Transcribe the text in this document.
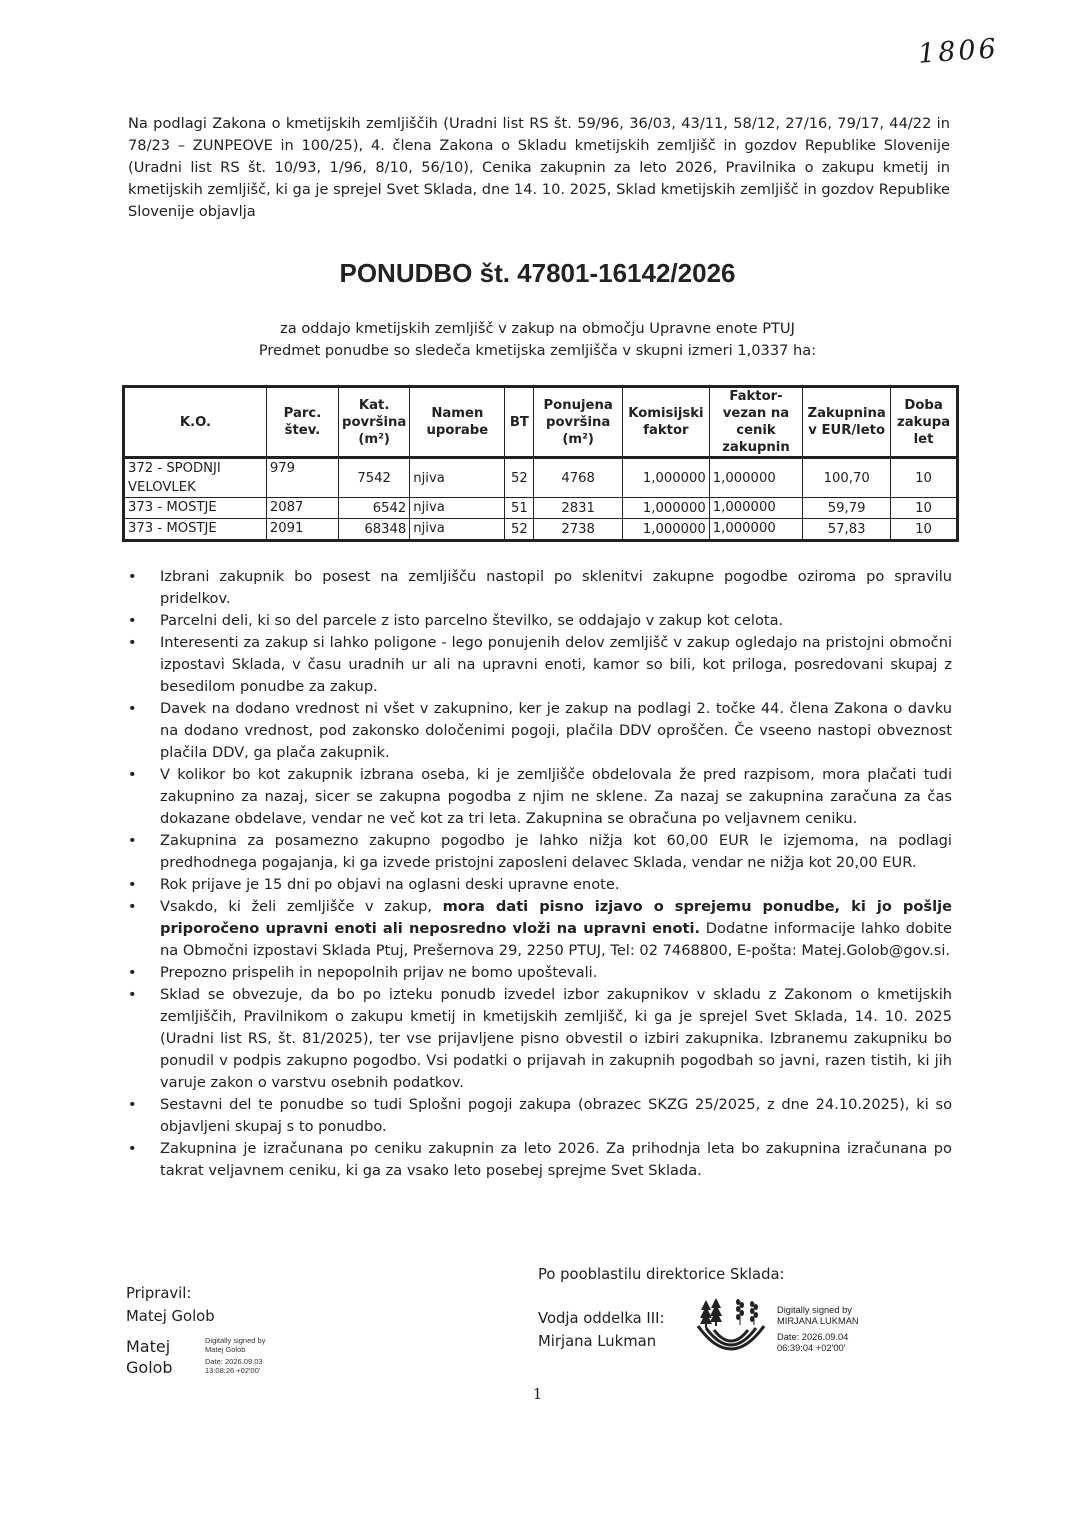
1806

Na podlagi Zakona o kmetijskih zemljiščih (Uradni list RS št. 59/96, 36/03, 43/11, 58/12, 27/16, 79/17, 44/22 in 78/23 – ZUNPEOVE in 100/25), 4. člena Zakona o Skladu kmetijskih zemljišč in gozdov Republike Slovenije (Uradni list RS št. 10/93, 1/96, 8/10, 56/10), Cenika zakupnin za leto 2026, Pravilnika o zakupu kmetij in kmetijskih zemljišč, ki ga je sprejel Svet Sklada, dne 14. 10. 2025, Sklad kmetijskih zemljišč in gozdov Republike Slovenije objavlja

PONUDBO št. 47801-16142/2026
za oddajo kmetijskih zemljišč v zakup na območju Upravne enote PTUJ
Predmet ponudbe so sledeča kmetijska zemljišča v skupni izmeri 1,0337 ha:
K.O.	Parc. štev.	Kat. površina (m²)	Namen uporabe	BT	Ponujena površina (m²)	Komisijski faktor	Faktor-vezan na cenik zakupnin	Zakupnina v EUR/leto	Doba zakupa let
372 - SPODNJI VELOVLEK	979	7542	njiva	52	4768	1,000000	1,000000	100,70	10
373 - MOSTJE	2087	6542	njiva	51	2831	1,000000	1,000000	59,79	10
373 - MOSTJE	2091	68348	njiva	52	2738	1,000000	1,000000	57,83	10
• Izbrani zakupnik bo posest na zemljišču nastopil po sklenitvi zakupne pogodbe oziroma po spravilu pridelkov.
• Parcelni deli, ki so del parcele z isto parcelno številko, se oddajajo v zakup kot celota.
• Interesenti za zakup si lahko poligone - lego ponujenih delov zemljišč v zakup ogledajo na pristojni območni izpostavi Sklada, v času uradnih ur ali na upravni enoti, kamor so bili, kot priloga, posredovani skupaj z besedilom ponudbe za zakup.
• Davek na dodano vrednost ni všet v zakupnino, ker je zakup na podlagi 2. točke 44. člena Zakona o davku na dodano vrednost, pod zakonsko določenimi pogoji, plačila DDV oproščen. Če vseeno nastopi obveznost plačila DDV, ga plača zakupnik.
• V kolikor bo kot zakupnik izbrana oseba, ki je zemljišče obdelovala že pred razpisom, mora plačati tudi zakupnino za nazaj, sicer se zakupna pogodba z njim ne sklene. Za nazaj se zakupnina zaračuna za čas dokazane obdelave, vendar ne več kot za tri leta. Zakupnina se obračuna po veljavnem ceniku.
• Zakupnina za posamezno zakupno pogodbo je lahko nižja kot 60,00 EUR le izjemoma, na podlagi predhodnega pogajanja, ki ga izvede pristojni zaposleni delavec Sklada, vendar ne nižja kot 20,00 EUR.
• Rok prijave je 15 dni po objavi na oglasni deski upravne enote.
• Vsakdo, ki želi zemljišče v zakup, mora dati pisno izjavo o sprejemu ponudbe, ki jo pošlje priporočeno upravni enoti ali neposredno vloži na upravni enoti. Dodatne informacije lahko dobite na Območni izpostavi Sklada Ptuj, Prešernova 29, 2250 PTUJ, Tel: 02 7468800, E-pošta: Matej.Golob@gov.si.
• Prepozno prispelih in nepopolnih prijav ne bomo upoštevali.
• Sklad se obvezuje, da bo po izteku ponudb izvedel izbor zakupnikov v skladu z Zakonom o kmetijskih zemljiščih, Pravilnikom o zakupu kmetij in kmetijskih zemljišč, ki ga je sprejel Svet Sklada, 14. 10. 2025 (Uradni list RS, št. 81/2025), ter vse prijavljene pisno obvestil o izbiri zakupnika. Izbranemu zakupniku bo ponudil v podpis zakupno pogodbo. Vsi podatki o prijavah in zakupnih pogodbah so javni, razen tistih, ki jih varuje zakon o varstvu osebnih podatkov.
• Sestavni del te ponudbe so tudi Splošni pogoji zakupa (obrazec SKZG 25/2025, z dne 24.10.2025), ki so objavljeni skupaj s to ponudbo.
• Zakupnina je izračunana po ceniku zakupnin za leto 2026. Za prihodnja leta bo zakupnina izračunana po takrat veljavnem ceniku, ki ga za vsako leto posebej sprejme Svet Sklada.
Po pooblastilu direktorice Sklada:
Vodja oddelka III:
Mirjana Lukman
Digitally signed by
MIRJANA LUKMAN
Date: 2026.09.04
06:39:04 +02'00'
Pripravil:
Matej Golob
Matej
Golob
Digitally signed by
Matej Golob
Date: 2026.09.03
13:08:26 +02'00'
1
